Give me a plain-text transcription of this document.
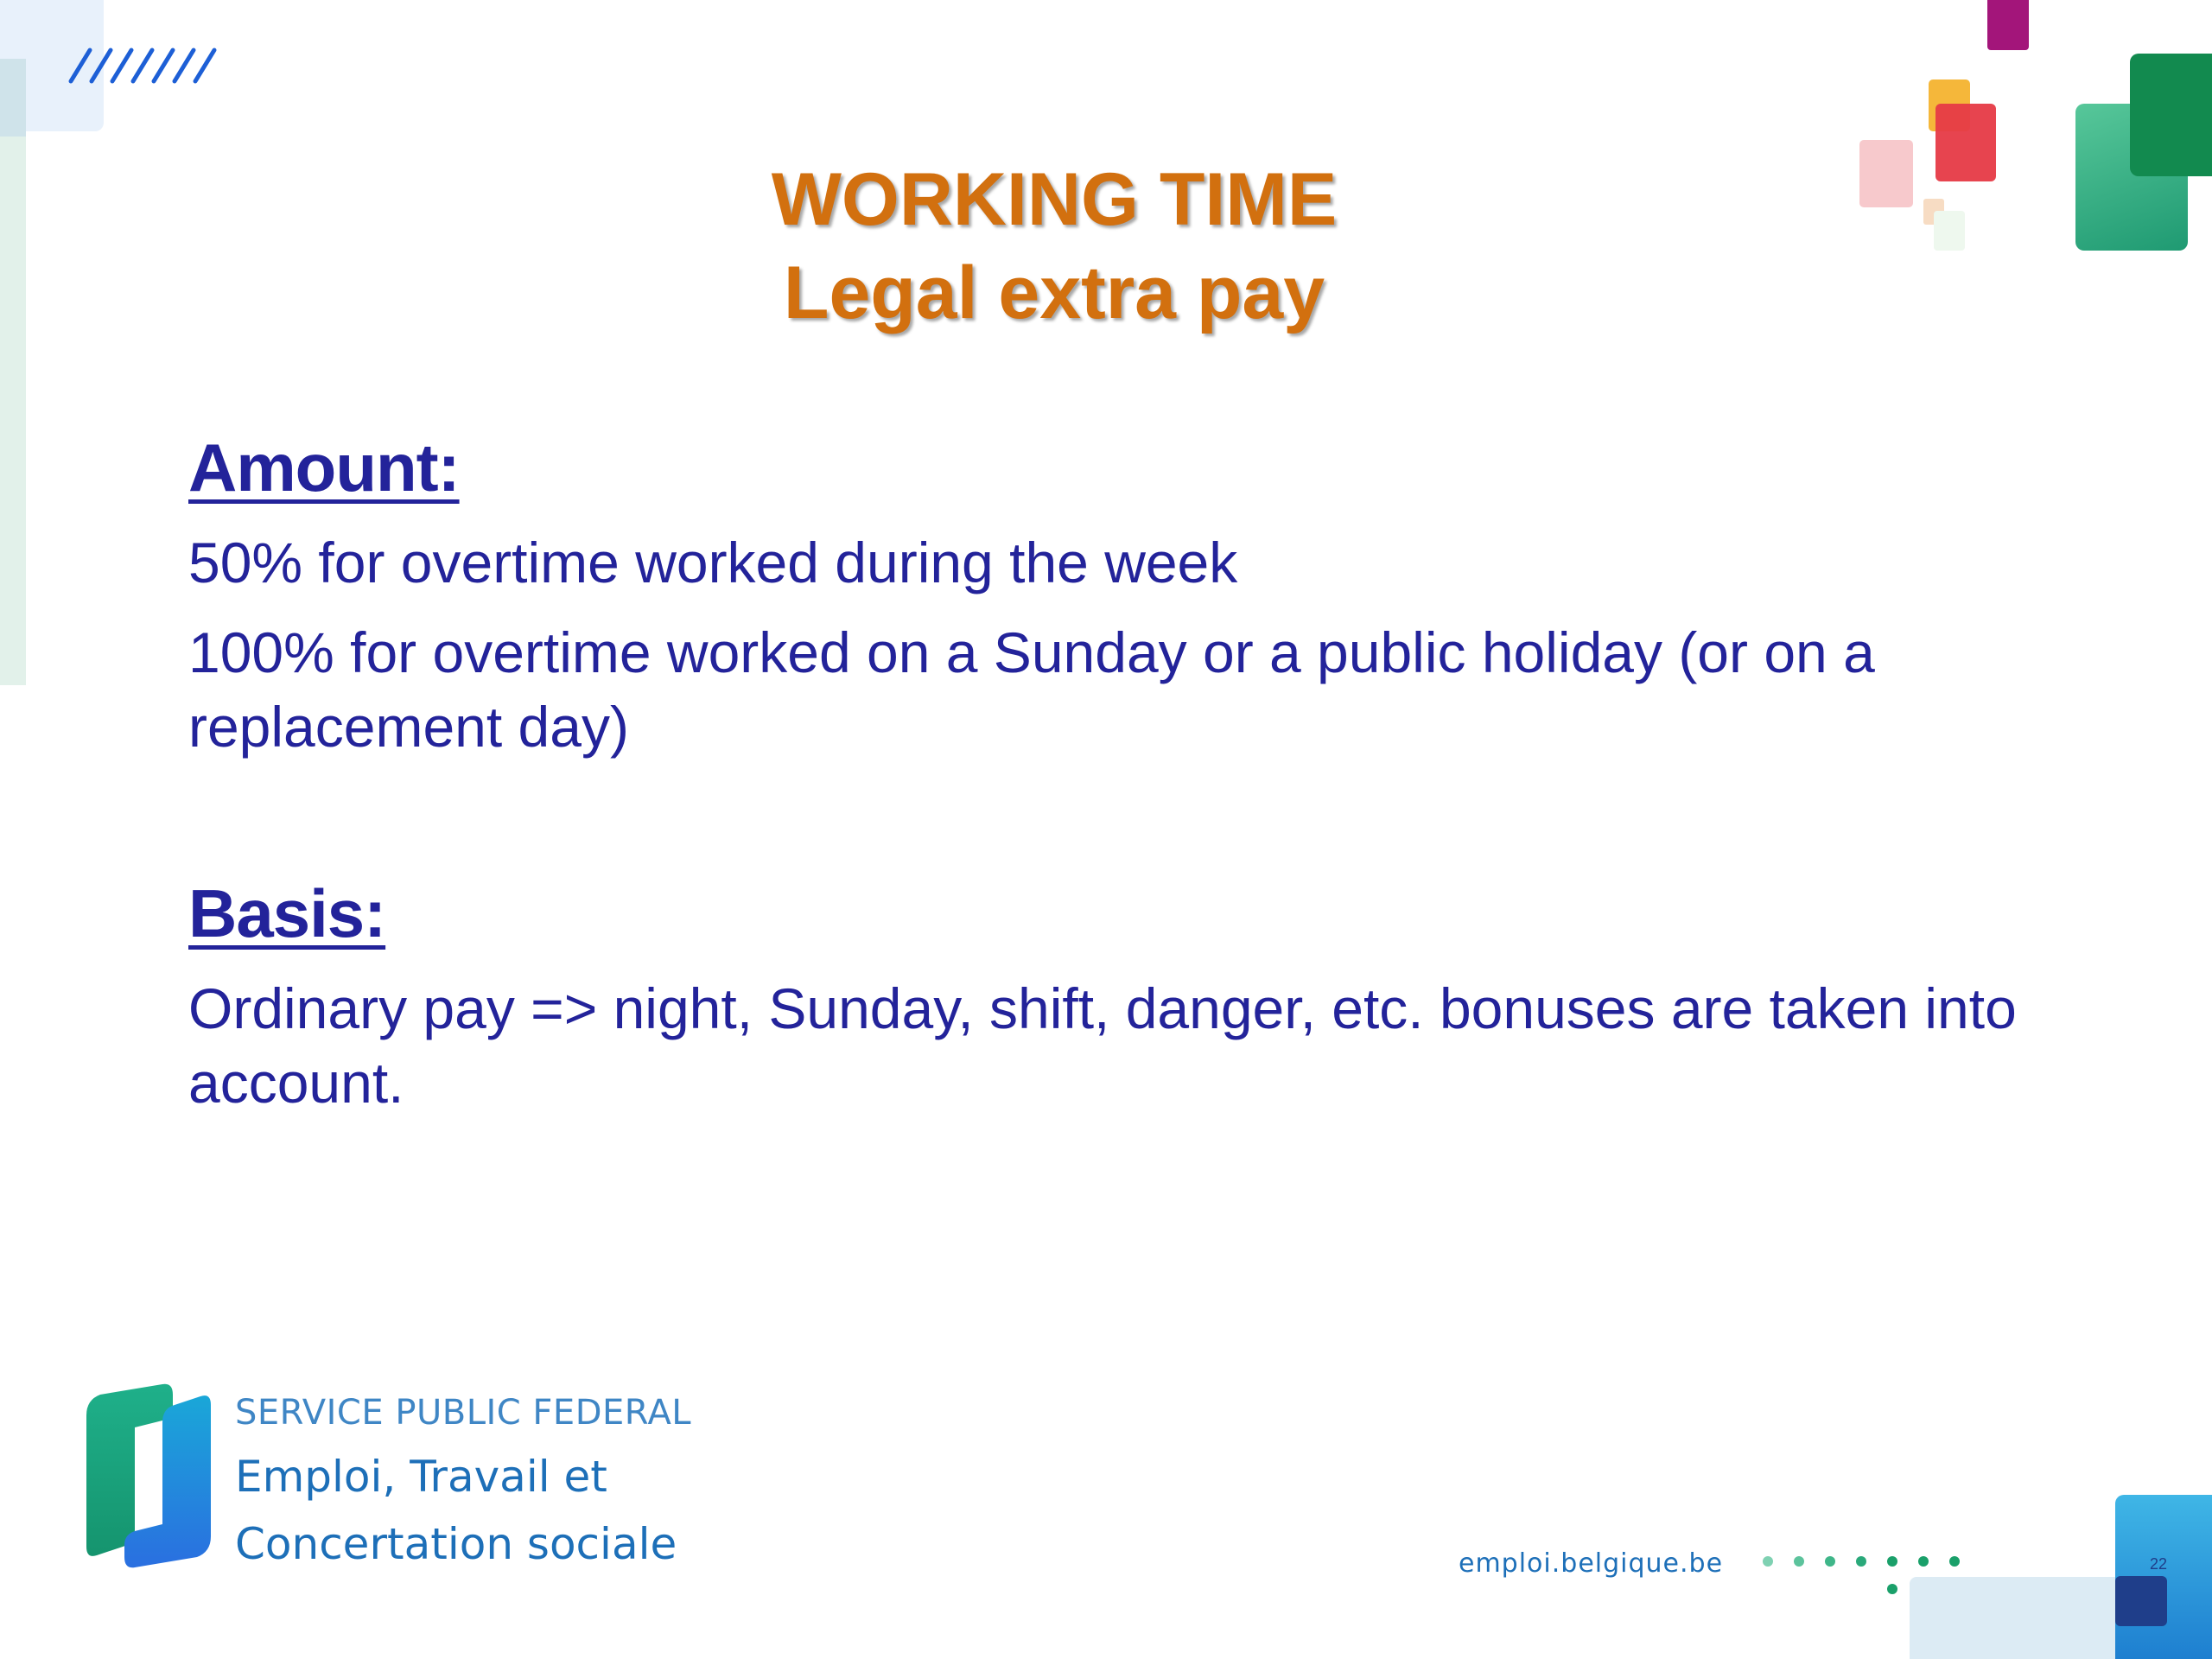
WORKING TIME
Legal extra pay
Amount:

50% for overtime worked during the week

100% for overtime worked on a Sunday or a public holiday (or on a replacement day)

Basis:

Ordinary pay => night, Sunday, shift, danger, etc. bonuses are taken into account.

SERVICE PUBLIC FEDERAL

Emploi, Travail et

Concertation sociale	emploi.belgique.be	22
